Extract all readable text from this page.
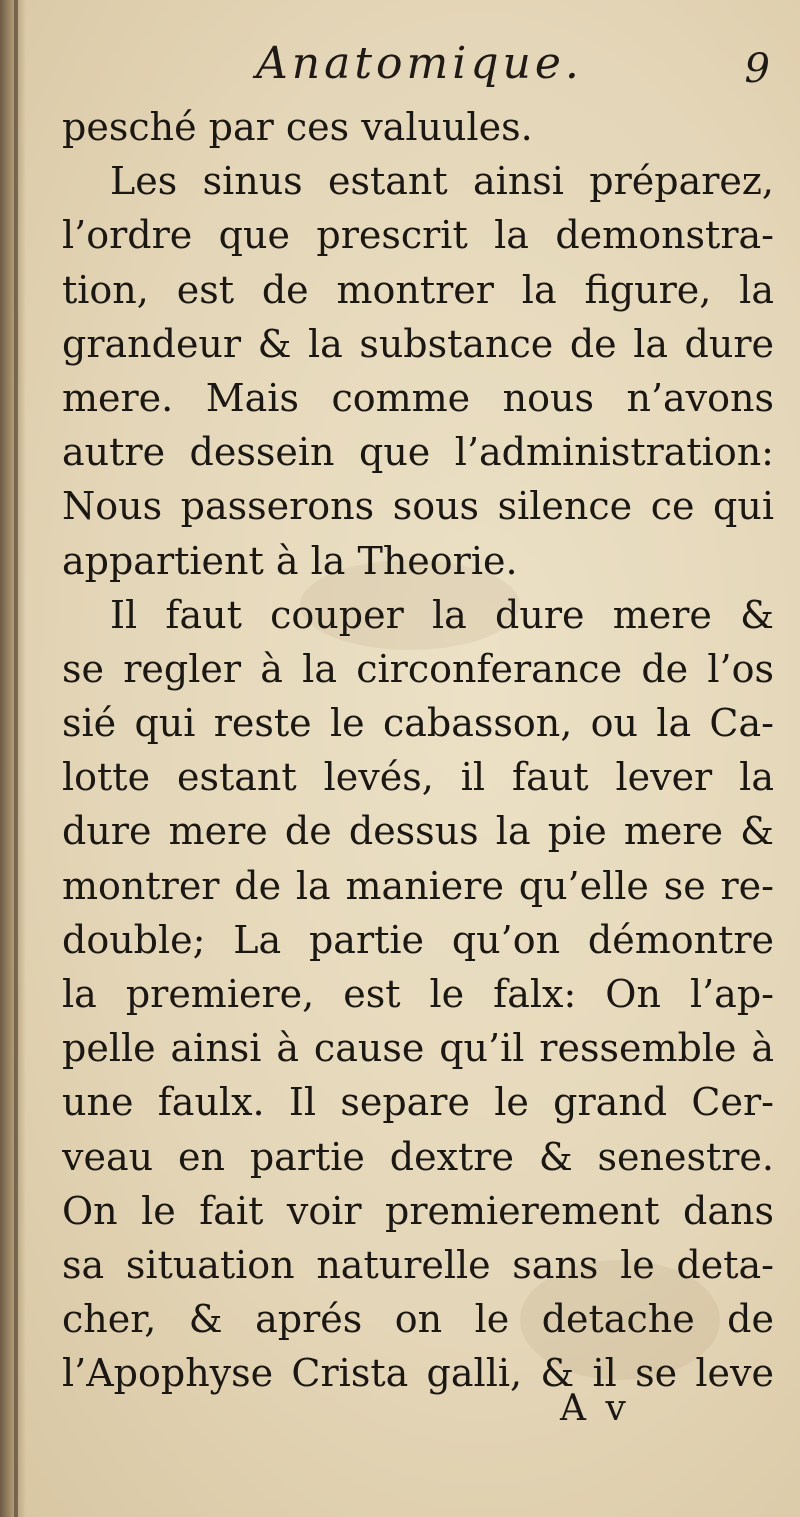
Anatomique.	9
pesché par ces valuules.
Les sinus estant ainsi préparez,
l’ordre que prescrit la demonstra-
tion, est de montrer la figure, la
grandeur & la substance de la dure
mere. Mais comme nous n’avons
autre dessein que l’administration:
Nous passerons sous silence ce qui
appartient à la Theorie.
Il faut couper la dure mere &
se regler à la circonferance de l’os
sié qui reste le cabasson, ou la Ca-
lotte estant levés, il faut lever la
dure mere de dessus la pie mere &
montrer de la maniere qu’elle se re-
double; La partie qu’on démontre
la premiere, est le falx: On l’ap-
pelle ainsi à cause qu’il ressemble à
une faulx. Il separe le grand Cer-
veau en partie dextre & senestre.
On le fait voir premierement dans
sa situation naturelle sans le deta-
cher, & aprés on le detache de
l’Apophyse Crista galli, & il se leve
A v
